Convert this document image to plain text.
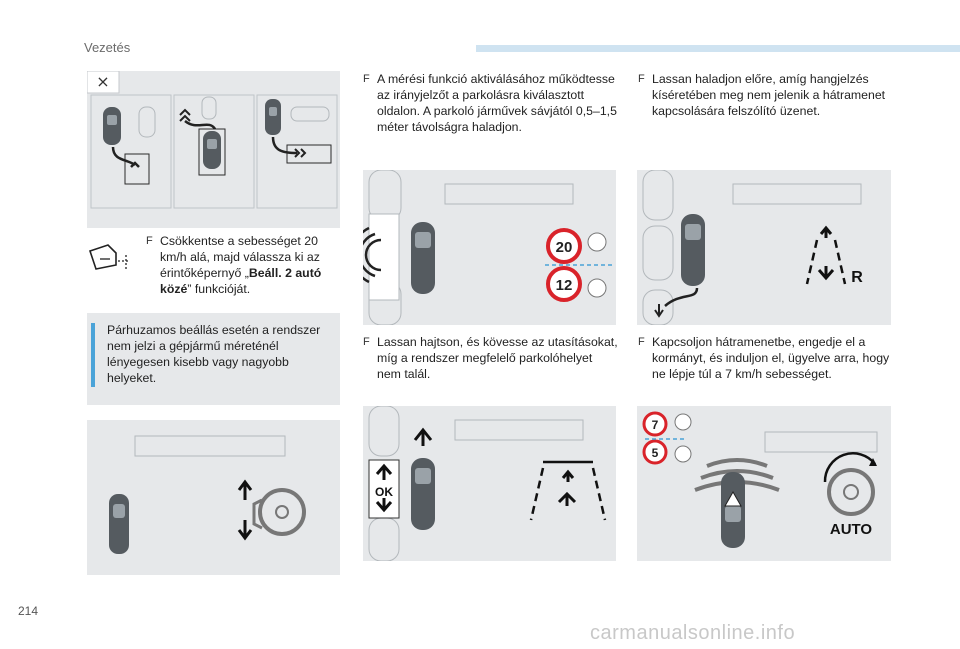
Vezetés
×
F Csökkentse a sebességet 20 km/h alá, majd válassza ki az érintőképernyő „Beáll. 2 autó közé” funkcióját.
Párhuzamos beállás esetén a rendszer nem jelzi a gépjármű méreténél lényegesen kisebb vagy nagyobb helyeket.
F A mérési funkció aktiválásához működtesse az irányjelzőt a parkolásra kiválasztott oldalon. A parkoló járművek sávjától 0,5–1,5 méter távolságra haladjon.
20
12
F Lassan hajtson, és kövesse az utasításokat, míg a rendszer megfelelő parkolóhelyet nem talál.
OK
F Lassan haladjon előre, amíg hangjelzés kíséretében meg nem jelenik a hátramenet kapcsolására felszólító üzenet.
R
F Kapcsoljon hátramenetbe, engedje el a kormányt, és induljon el, ügyelve arra, hogy ne lépje túl a 7 km/h sebességet.
7
5
AUTO
214
carmanualsonline.info
